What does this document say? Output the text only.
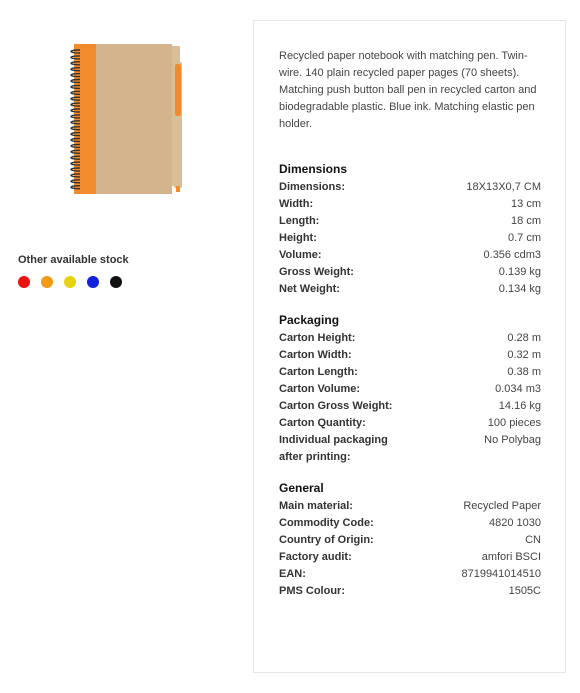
Other available stock

Recycled paper notebook with matching pen. Twin-wire. 140 plain recycled paper pages (70 sheets). Matching push button ball pen in recycled carton and biodegradable plastic. Blue ink. Matching elastic pen holder.

Dimensions
Dimensions:	18X13X0,7 CM
Width:	13 cm
Length:	18 cm
Height:	0.7 cm
Volume:	0.356 cdm3
Gross Weight:	0.139 kg
Net Weight:	0.134 kg
Packaging
Carton Height:	0.28 m
Carton Width:	0.32 m
Carton Length:	0.38 m
Carton Volume:	0.034 m3
Carton Gross Weight:	14.16 kg
Carton Quantity:	100 pieces
Individual packaging after printing:
No Polybag
General
Main material:	Recycled Paper
Commodity Code:	4820 1030
Country of Origin:	CN
Factory audit:	amfori BSCI
EAN:	8719941014510
PMS Colour:	1505C
